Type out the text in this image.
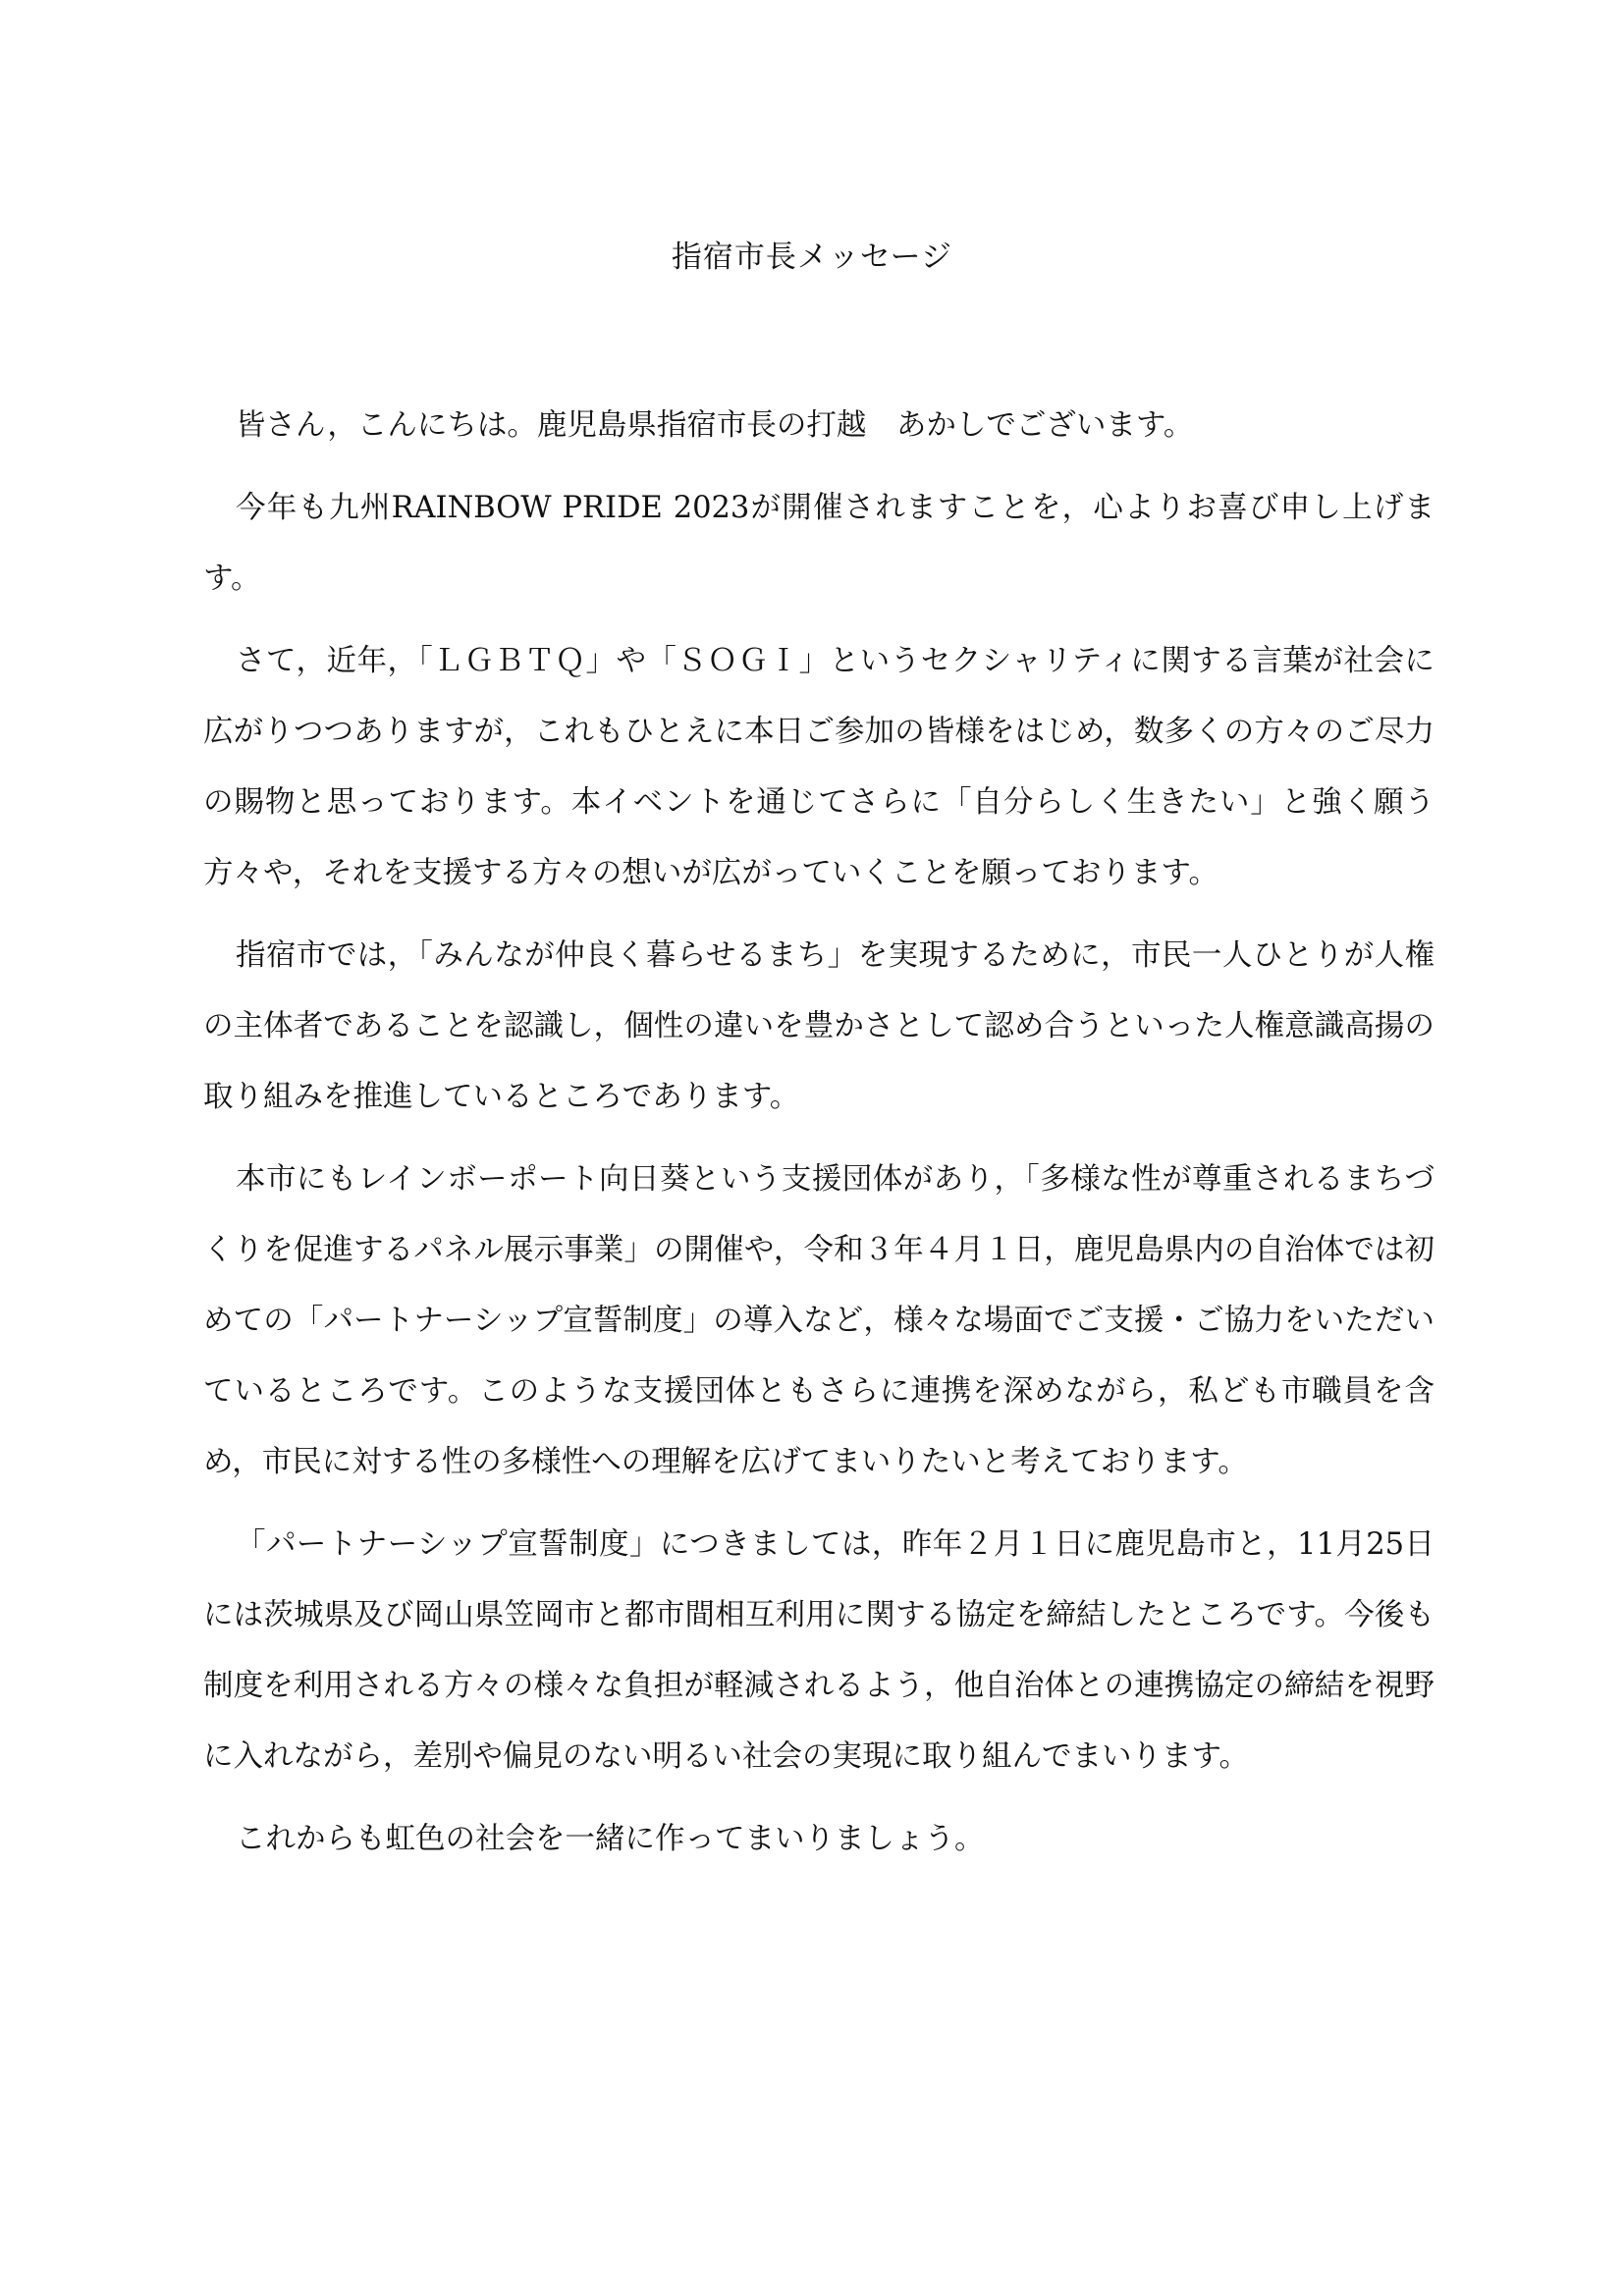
指宿市長メッセージ

皆さん，こんにちは。鹿児島県指宿市長の打越　あかしでございます。

今年も九州RAINBOW PRIDE 2023が開催されますことを，心よりお喜び申し上げます。

さて，近年，「ＬＧＢＴＱ」や「ＳＯＧＩ」というセクシャリティに関する言葉が社会に広がりつつありますが，これもひとえに本日ご参加の皆様をはじめ，数多くの方々のご尽力の賜物と思っております。本イベントを通じてさらに「自分らしく生きたい」と強く願う方々や，それを支援する方々の想いが広がっていくことを願っております。

指宿市では，「みんなが仲良く暮らせるまち」を実現するために，市民一人ひとりが人権の主体者であることを認識し，個性の違いを豊かさとして認め合うといった人権意識高揚の取り組みを推進しているところであります。

本市にもレインボーポート向日葵という支援団体があり，「多様な性が尊重されるまちづくりを促進するパネル展示事業」の開催や，令和３年４月１日，鹿児島県内の自治体では初めての「パートナーシップ宣誓制度」の導入など，様々な場面でご支援・ご協力をいただいているところです。このような支援団体ともさらに連携を深めながら，私ども市職員を含め，市民に対する性の多様性への理解を広げてまいりたいと考えております。

「パートナーシップ宣誓制度」につきましては，昨年２月１日に鹿児島市と，11月25日には茨城県及び岡山県笠岡市と都市間相互利用に関する協定を締結したところです。今後も制度を利用される方々の様々な負担が軽減されるよう，他自治体との連携協定の締結を視野に入れながら，差別や偏見のない明るい社会の実現に取り組んでまいります。

これからも虹色の社会を一緒に作ってまいりましょう。
